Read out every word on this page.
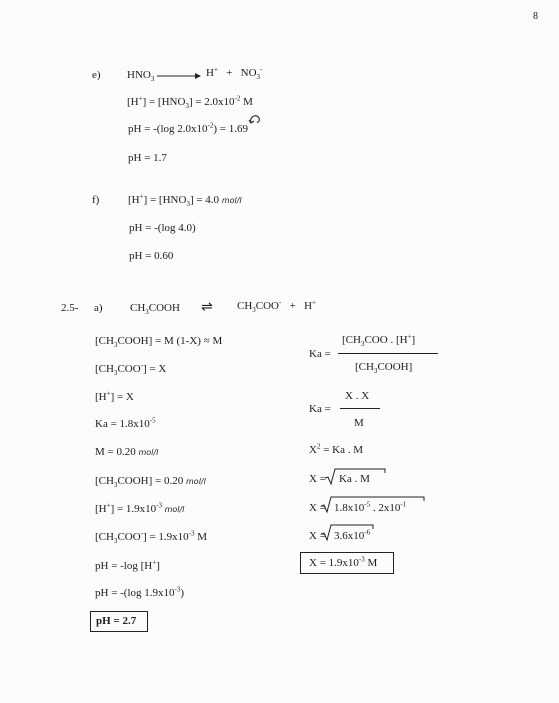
8
e) $HNO_3 \to H^+ + NO_3^-$
$[H^+] = [HNO_3] = 2.0x10^{-2}$ M
pH = -(log $2.0x10^{-2}) = 1.69$
pH = 1.7
f)	$[H^+] = [HNO_3] = 4.0$ mol/l
pH = -(log 4.0)
pH = 0.60
2.5- a) $CH_3COOH$ ⇌ $CH_3COO^- + H^+$
$[CH_3COOH] = M$ (1-X) ≈ M
$[CH_3COO^-] = X$
[H+] = X
$Ka = 1.8x10^{-5}$
M = 0.20 mol/l
$[CH_3COOH] = 0.20$ mol/l
$[H^+] = 1.9x10^{-3}$ mol/l
$[CH_3COO^-] = 1.9x10^{-3}$ M
pH = -log [H+]
pH = -(log $1.9x10^{-3}$)
pH = 2.7
Ka =
[$CH_3COO$ . [H+]
$[CH_3COOH]$
Ka =
X . X
M
$X^2 = Ka$ . M
X = Ka . M
$X = 1.8x10^{-5}$ . $2x10^{-1}$
$X = 3.6x10^{-6}$
$X = 1.9x10^{-3}$ M
